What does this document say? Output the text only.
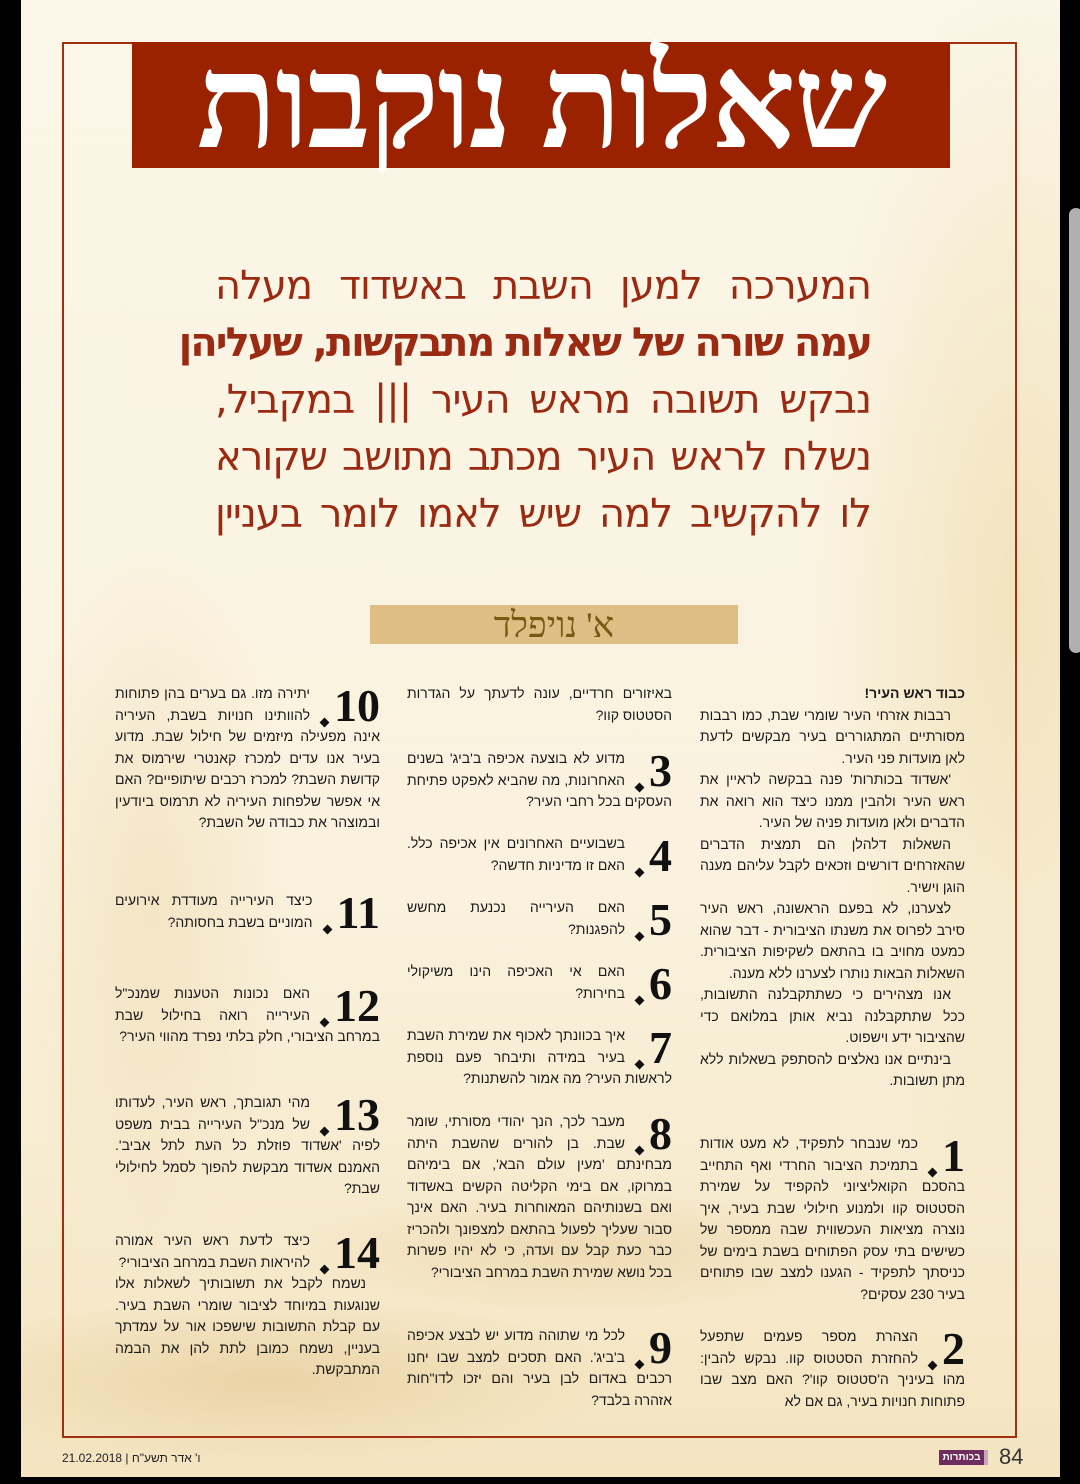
שאלות נוקבות
המערכה למען השבת באשדוד מעלה
עמה שורה של שאלות מתבקשות, שעליהן
נבקש תשובה מראש העיר ||| במקביל,
נשלח לראש העיר מכתב מתושב שקורא
לו להקשיב למה שיש לאמו לומר בעניין
א' נויפלד

כבוד ראש העיר!

רבבות אזרחי העיר שומרי שבת, כמו רבבות מסורתיים המתגוררים בעיר מבקשים לדעת לאן מועדות פני העיר.

'אשדוד בכותרות' פנה בבקשה לראיין את ראש העיר ולהבין ממנו כיצד הוא רואה את הדברים ולאן מועדות פניה של העיר.

השאלות דלהלן הם תמצית הדברים שהאזרחים דורשים וזכאים לקבל עליהם מענה הוגן וישיר.

לצערנו, לא בפעם הראשונה, ראש העיר סירב לפרוס את משנתו הציבורית - דבר שהוא כמעט מחויב בו בהתאם לשקיפות הציבורית. השאלות הבאות נותרו לצערנו ללא מענה.

אנו מצהירים כי כשתתקבלנה התשובות, ככל שתתקבלנה נביא אותן במלואם כדי שהציבור ידע וישפוט.

בינתיים אנו נאלצים להסתפק בשאלות ללא מתן תשובות.

1

כמי שנבחר לתפקיד, לא מעט אודות בתמיכת הציבור החרדי ואף התחייב בהסכם הקואליציוני להקפיד על שמירת הסטטוס קוו ולמנוע חילולי שבת בעיר, איך נוצרה מציאות העכשווית שבה ממספר של כשישים בתי עסק הפתוחים בשבת בימים של כניסתך לתפקיד - הגענו למצב שבו פתוחים בעיר 230 עסקים?

2

הצהרת מספר פעמים שתפעל להחזרת הסטטוס קוו. נבקש להבין: מהו בעיניך ה'סטטוס קוו'? האם מצב שבו פתוחות חנויות בעיר, גם אם לא

באיזורים חרדיים, עונה לדעתך על הגדרות הסטטוס קוו?

3

מדוע לא בוצעה אכיפה ב'ביג' בשנים האחרונות, מה שהביא לאפקט פתיחת העסקים בכל רחבי העיר?

4

בשבועיים האחרונים אין אכיפה כלל. האם זו מדיניות חדשה?

5

האם העירייה נכנעת מחשש להפגנות?

6

האם אי האכיפה הינו משיקולי בחירות?

7

איך בכוונתך לאכוף את שמירת השבת בעיר במידה ותיבחר פעם נוספת לראשות העיר? מה אמור להשתנות?

8

מעבר לכך, הנך יהודי מסורתי, שומר שבת. בן להורים שהשבת היתה מבחינתם 'מעין עולם הבא', אם בימיהם במרוקו, אם בימי הקליטה הקשים באשדוד ואם בשנותיהם המאוחרות בעיר. האם אינך סבור שעליך לפעול בהתאם למצפונך ולהכריז כבר כעת קבל עם ועדה, כי לא יהיו פשרות בכל נושא שמירת השבת במרחב הציבורי?

9

לכל מי שתוהה מדוע יש לבצע אכיפה ב'ביג'. האם תסכים למצב שבו יחנו רכבים באדום לבן בעיר והם יזכו לדו"חות אזהרה בלבד?

10

יתירה מזו. גם בערים בהן פתוחות להוותינו חנויות בשבת, העיריה אינה מפעילה מיזמים של חילול שבת. מדוע בעיר אנו עדים למכרז קאנטרי שירמוס את קדושת השבת? למכרז רכבים שיתופיים? האם אי אפשר שלפחות העיריה לא תרמוס ביודעין ובמוצהר את כבודה של השבת?

11

כיצד העירייה מעודדת אירועים המוניים בשבת בחסותה?

12

האם נכונות הטענות שמנכ"ל העירייה רואה בחילול שבת במרחב הציבורי, חלק בלתי נפרד מהווי העיר?

13

מהי תגובתך, ראש העיר, לעדותו של מנכ"ל העירייה בבית משפט לפיה 'אשדוד פוזלת כל העת לתל אביב'. האמנם אשדוד מבקשת להפוך לסמל לחילולי שבת?

14

כיצד לדעת ראש העיר אמורה להיראות השבת במרחב הציבורי?

נשמח לקבל את תשובותיך לשאלות אלו שנוגעות במיוחד לציבור שומרי השבת בעיר. עם קבלת התשובות שישפכו אור על עמדתך בעניין, נשמח כמובן לתת להן את הבמה המתבקשת.

21.02.2018 | ו' אדר תשע"ח	בכותרות 84
